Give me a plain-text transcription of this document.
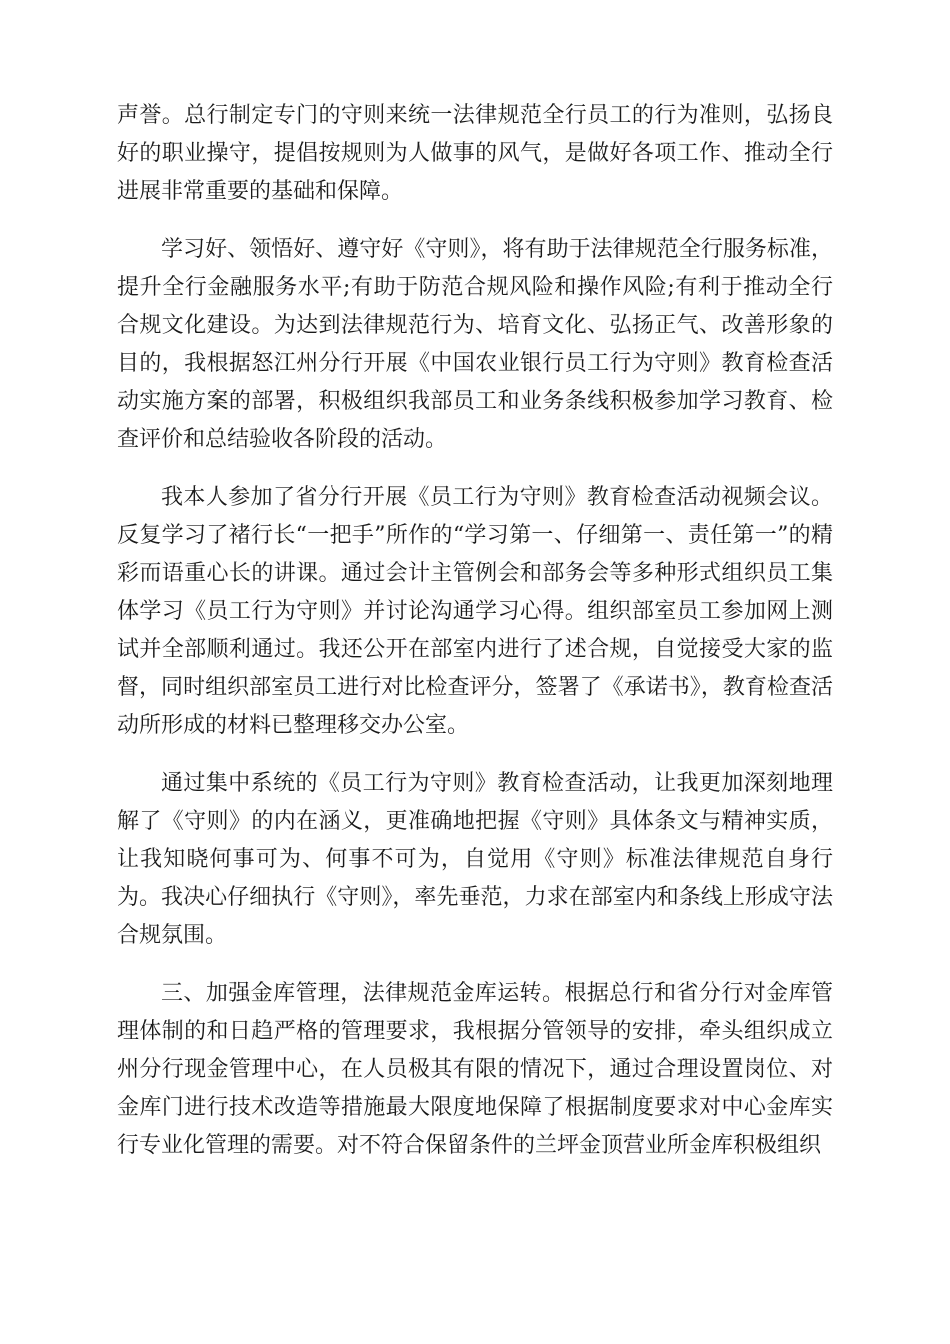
声誉。总行制定专门的守则来统一法律规范全行员工的行为准则，弘扬良好的职业操守，提倡按规则为人做事的风气，是做好各项工作、推动全行进展非常重要的基础和保障。

学习好、领悟好、遵守好《守则》，将有助于法律规范全行服务标准，提升全行金融服务水平;有助于防范合规风险和操作风险;有利于推动全行合规文化建设。为达到法律规范行为、培育文化、弘扬正气、改善形象的目的，我根据怒江州分行开展《中国农业银行员工行为守则》教育检查活动实施方案的部署，积极组织我部员工和业务条线积极参加学习教育、检查评价和总结验收各阶段的活动。

我本人参加了省分行开展《员工行为守则》教育检查活动视频会议。反复学习了褚行长“一把手”所作的“学习第一、仔细第一、责任第一”的精彩而语重心长的讲课。通过会计主管例会和部务会等多种形式组织员工集体学习《员工行为守则》并讨论沟通学习心得。组织部室员工参加网上测试并全部顺利通过。我还公开在部室内进行了述合规，自觉接受大家的监督，同时组织部室员工进行对比检查评分，签署了《承诺书》，教育检查活动所形成的材料已整理移交办公室。

通过集中系统的《员工行为守则》教育检查活动，让我更加深刻地理解了《守则》的内在涵义，更准确地把握《守则》具体条文与精神实质，让我知晓何事可为、何事不可为，自觉用《守则》标准法律规范自身行为。我决心仔细执行《守则》，率先垂范，力求在部室内和条线上形成守法合规氛围。

三、加强金库管理，法律规范金库运转。根据总行和省分行对金库管理体制的和日趋严格的管理要求，我根据分管领导的安排，牵头组织成立州分行现金管理中心，在人员极其有限的情况下，通过合理设置岗位、对金库门进行技术改造等措施最大限度地保障了根据制度要求对中心金库实行专业化管理的需要。对不符合保留条件的兰坪金顶营业所金库积极组织
